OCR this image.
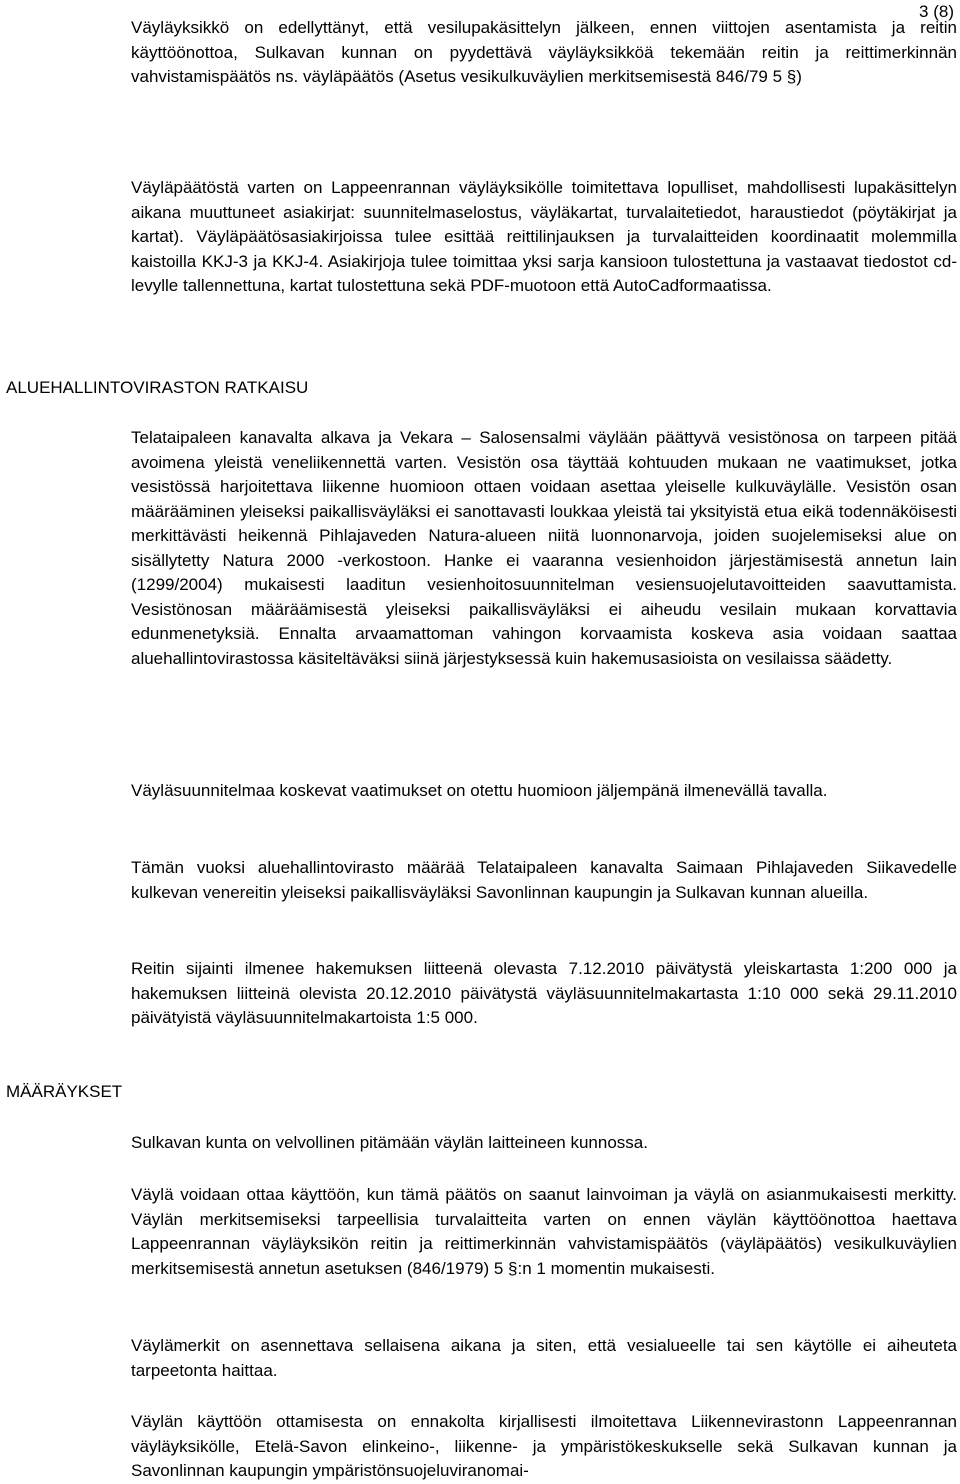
3 (8)

Väyläyksikkö on edellyttänyt, että vesilupakäsittelyn jälkeen, ennen viittojen asentamista ja reitin käyttöönottoa, Sulkavan kunnan on pyydettävä väyläyksikköä tekemään reitin ja reittimerkinnän vahvistamispäätös ns. väyläpäätös (Asetus vesikulkuväylien merkitsemisestä 846/79 5 §)

Väyläpäätöstä varten on Lappeenrannan väyläyksikölle toimitettava lopulliset, mahdollisesti lupakäsittelyn aikana muuttuneet asiakirjat: suunnitelmaselostus, väyläkartat, turvalaitetiedot, haraustiedot (pöytäkirjat ja kartat). Väyläpäätösasiakirjoissa tulee esittää reittilinjauksen ja turvalaitteiden koordinaatit molemmilla kaistoilla KKJ-3 ja KKJ-4. Asiakirjoja tulee toimittaa yksi sarja kansioon tulostettuna ja vastaavat tiedostot cd-levylle tallennettuna, kartat tulostettuna sekä PDF-muotoon että AutoCadformaatissa.

ALUEHALLINTOVIRASTON RATKAISU

Telataipaleen kanavalta alkava ja Vekara – Salosensalmi väylään päättyvä vesistönosa on tarpeen pitää avoimena yleistä veneliikennettä varten. Vesistön osa täyttää kohtuuden mukaan ne vaatimukset, jotka vesistössä harjoitettava liikenne huomioon ottaen voidaan asettaa yleiselle kulkuväylälle. Vesistön osan määrääminen yleiseksi paikallisväyläksi ei sanottavasti loukkaa yleistä tai yksityistä etua eikä todennäköisesti merkittävästi heikennä Pihlajaveden Natura-alueen niitä luonnonarvoja, joiden suojelemiseksi alue on sisällytetty Natura 2000 -verkostoon. Hanke ei vaaranna vesienhoidon järjestämisestä annetun lain (1299/2004) mukaisesti laaditun vesienhoitosuunnitelman vesiensuojelutavoitteiden saavuttamista. Vesistönosan määräämisestä yleiseksi paikallisväyläksi ei aiheudu vesilain mukaan korvattavia edunmenetyksiä. Ennalta arvaamattoman vahingon korvaamista koskeva asia voidaan saattaa aluehallintovirastossa käsiteltäväksi siinä järjestyksessä kuin hakemusasioista on vesilaissa säädetty.

Väyläsuunnitelmaa koskevat vaatimukset on otettu huomioon jäljempänä ilmenevällä tavalla.

Tämän vuoksi aluehallintovirasto määrää Telataipaleen kanavalta Saimaan Pihlajaveden Siikavedelle kulkevan venereitin yleiseksi paikallisväyläksi Savonlinnan kaupungin ja Sulkavan kunnan alueilla.

Reitin sijainti ilmenee hakemuksen liitteenä olevasta 7.12.2010 päivätystä yleiskartasta 1:200 000 ja hakemuksen liitteinä olevista 20.12.2010 päivätystä väyläsuunnitelmakartasta 1:10 000 sekä 29.11.2010 päivätyistä väyläsuunnitelmakartoista 1:5 000.

MÄÄRÄYKSET

Sulkavan kunta on velvollinen pitämään väylän laitteineen kunnossa.

Väylä voidaan ottaa käyttöön, kun tämä päätös on saanut lainvoiman ja väylä on asianmukaisesti merkitty. Väylän merkitsemiseksi tarpeellisia turvalaitteita varten on ennen väylän käyttöönottoa haettava Lappeenrannan väyläyksikön reitin ja reittimerkinnän vahvistamispäätös (väyläpäätös) vesikulkuväylien merkitsemisestä annetun asetuksen (846/1979) 5 §:n 1 momentin mukaisesti.

Väylämerkit on asennettava sellaisena aikana ja siten, että vesialueelle tai sen käytölle ei aiheuteta tarpeetonta haittaa.

Väylän käyttöön ottamisesta on ennakolta kirjallisesti ilmoitettava Liikennevirastonn Lappeenrannan väyläyksikölle, Etelä-Savon elinkeino-, liikenne- ja ympäristökeskukselle sekä Sulkavan kunnan ja Savonlinnan kaupungin ympäristönsuojeluviranomai-
